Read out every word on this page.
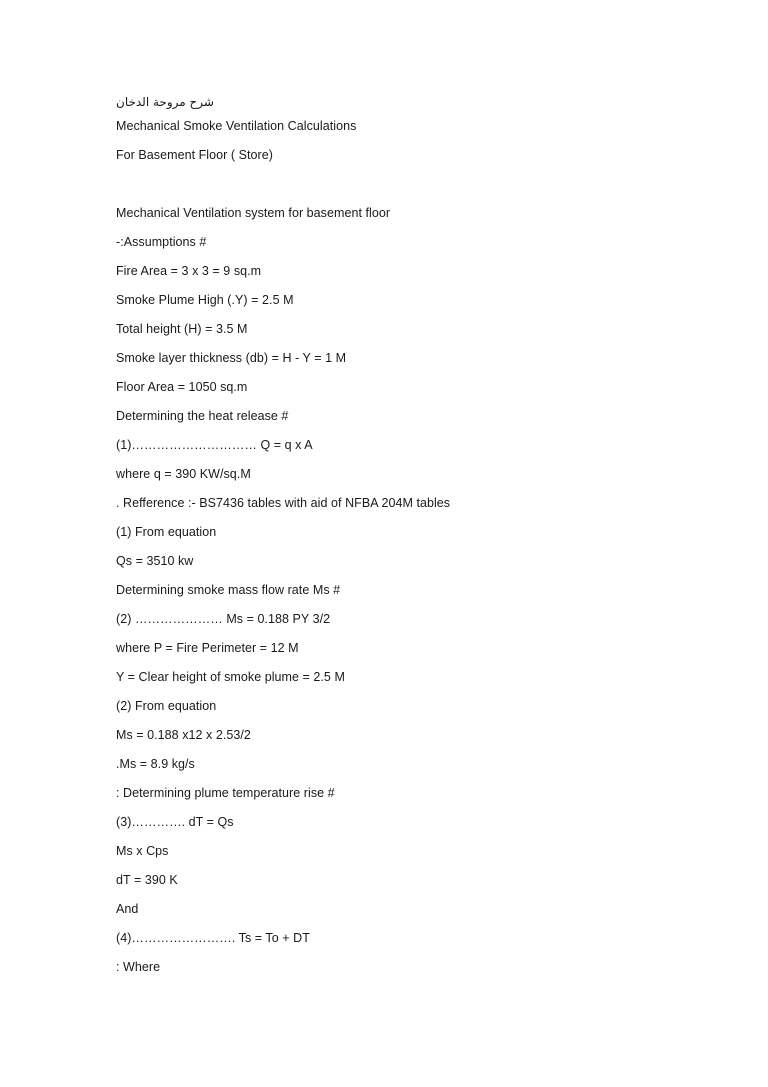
شرح مروحة الدخان
Mechanical Smoke Ventilation Calculations
For Basement Floor ( Store)
Mechanical Ventilation system for basement floor
-:Assumptions #
Fire Area = 3 x 3 = 9 sq.m
Smoke Plume High (.Y) = 2.5 M
Total height (H) = 3.5 M
Smoke layer thickness (db) = H - Y = 1 M
Floor Area = 1050 sq.m
Determining the heat release #
(1)………………………… Q = q x A
where q = 390 KW/sq.M
. Refference :- BS7436 tables with aid of NFBA 204M tables
(1) From equation
Qs = 3510 kw
Determining smoke mass flow rate Ms #
(2) ………………… Ms = 0.188 PY 3/2
where P = Fire Perimeter = 12 M
Y = Clear height of smoke plume = 2.5 M
(2) From equation
Ms = 0.188 x12 x 2.53/2
.Ms = 8.9 kg/s
: Determining plume temperature rise #
(3)…………. dT = Qs
Ms x Cps
dT = 390 K
And
(4)……………………. Ts = To + DT
: Where
